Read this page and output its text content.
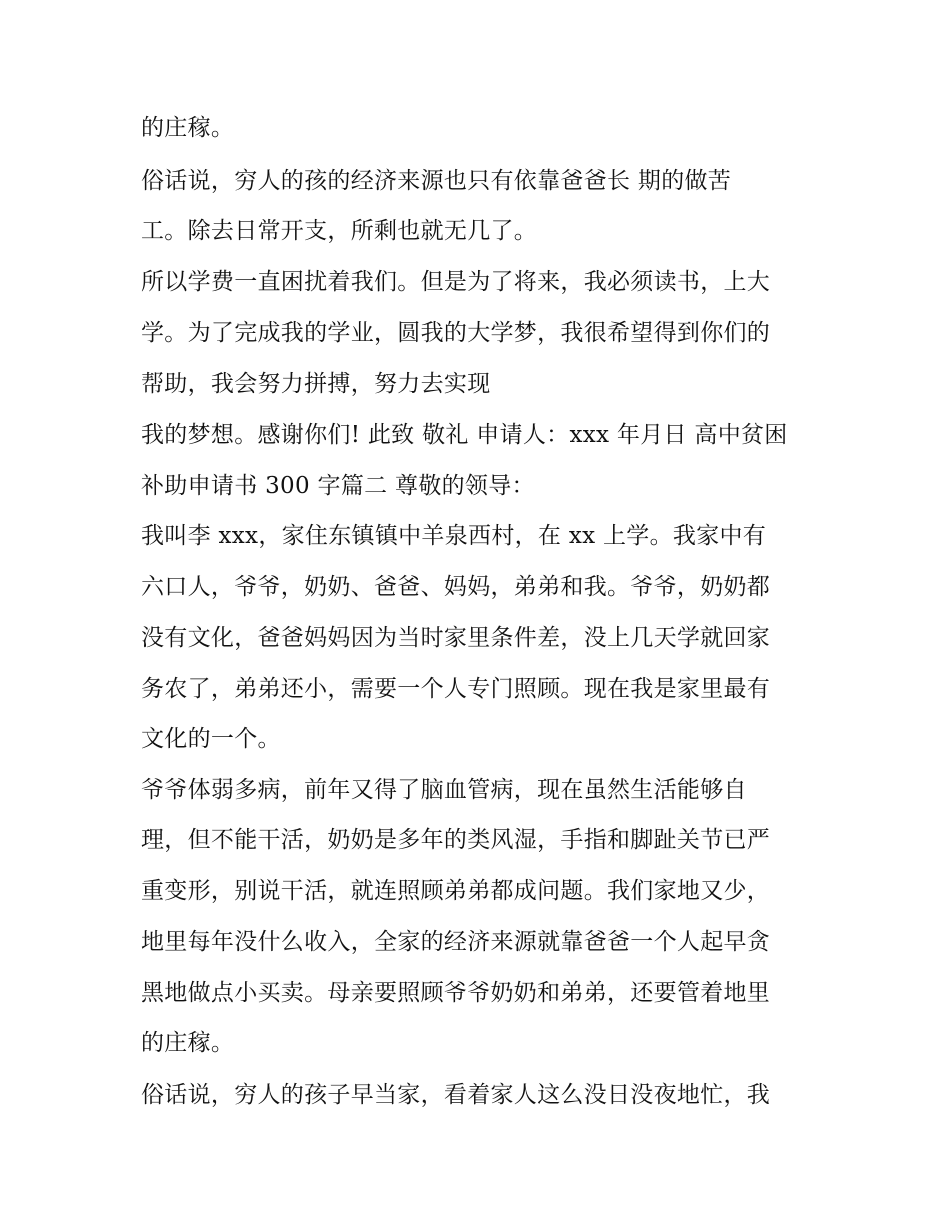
的庄稼。
俗话说，穷人的孩的经济来源也只有依靠爸爸长 期的做苦
工。除去日常开支，所剩也就无几了。
所以学费一直困扰着我们。但是为了将来，我必须读书，上大
学。为了完成我的学业，圆我的大学梦，我很希望得到你们的
帮助，我会努力拼搏，努力去实现
我的梦想。感谢你们! 此致 敬礼 申请人：xxx 年月日 高中贫困
补助申请书 300 字篇二 尊敬的领导：
我叫李 xxx，家住东镇镇中羊泉西村，在 xx 上学。我家中有
六口人，爷爷，奶奶、爸爸、妈妈，弟弟和我。爷爷，奶奶都
没有文化，爸爸妈妈因为当时家里条件差，没上几天学就回家
务农了，弟弟还小，需要一个人专门照顾。现在我是家里最有
文化的一个。
爷爷体弱多病，前年又得了脑血管病，现在虽然生活能够自
理，但不能干活，奶奶是多年的类风湿，手指和脚趾关节已严
重变形，别说干活，就连照顾弟弟都成问题。我们家地又少，
地里每年没什么收入，全家的经济来源就靠爸爸一个人起早贪
黑地做点小买卖。母亲要照顾爷爷奶奶和弟弟，还要管着地里
的庄稼。
俗话说，穷人的孩子早当家，看着家人这么没日没夜地忙，我
